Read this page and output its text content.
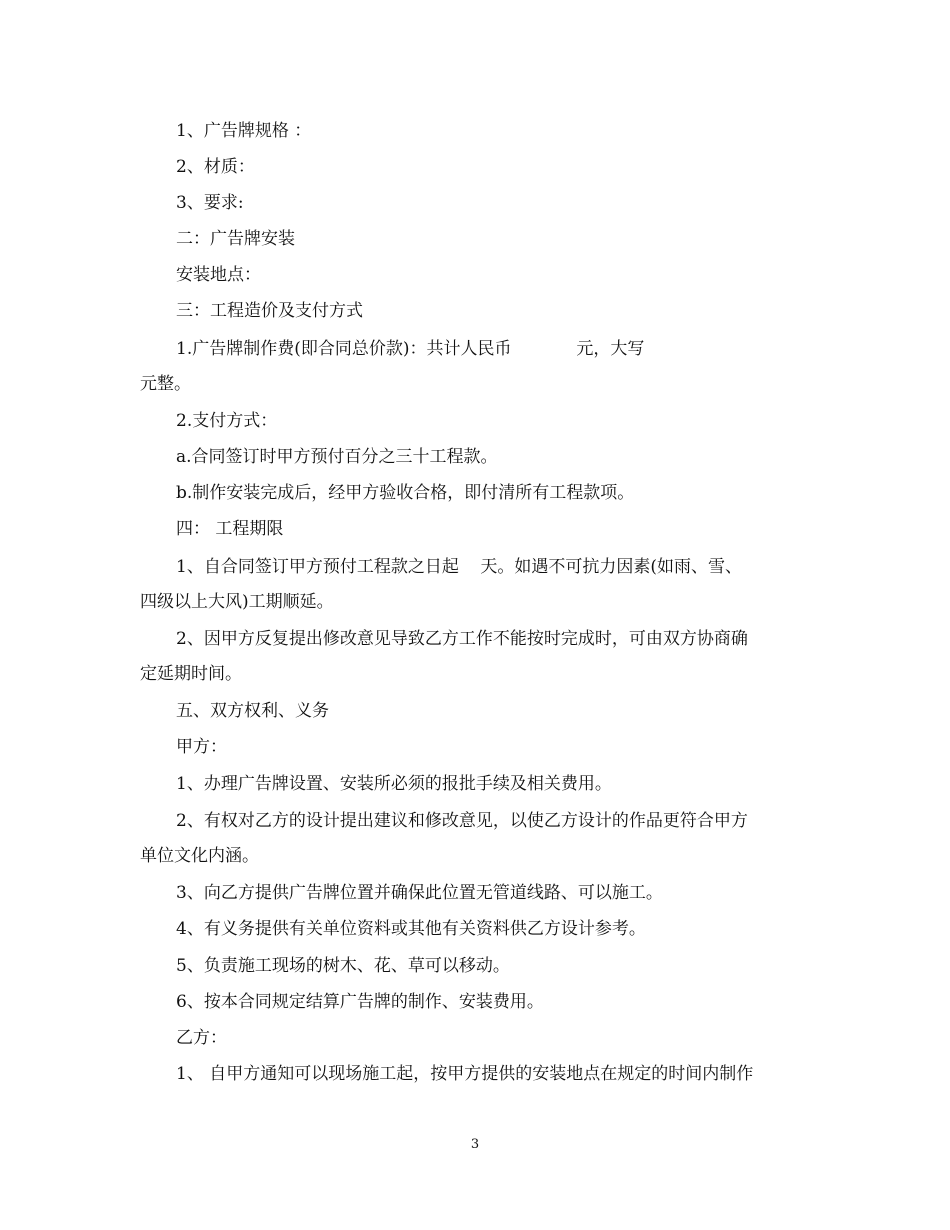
1、广告牌规格 ：
2、材质：
3、要求:
二：广告牌安装
安装地点：
三：工程造价及支付方式
1.广告牌制作费(即合同总价款)：共计人民币            元，大写
元整。
2.支付方式：
a.合同签订时甲方预付百分之三十工程款。
b.制作安装完成后，经甲方验收合格，即付清所有工程款项。
四： 工程期限
1、自合同签订甲方预付工程款之日起    天。如遇不可抗力因素(如雨、雪、
四级以上大风)工期顺延。
2、因甲方反复提出修改意见导致乙方工作不能按时完成时，可由双方协商确
定延期时间。
五、双方权利、义务
甲方：
1、办理广告牌设置、安装所必须的报批手续及相关费用。
2、有权对乙方的设计提出建议和修改意见，以使乙方设计的作品更符合甲方
单位文化内涵。
3、向乙方提供广告牌位置并确保此位置无管道线路、可以施工。
4、有义务提供有关单位资料或其他有关资料供乙方设计参考。
5、负责施工现场的树木、花、草可以移动。
6、按本合同规定结算广告牌的制作、安装费用。
乙方：
1、 自甲方通知可以现场施工起，按甲方提供的安装地点在规定的时间内制作
3
